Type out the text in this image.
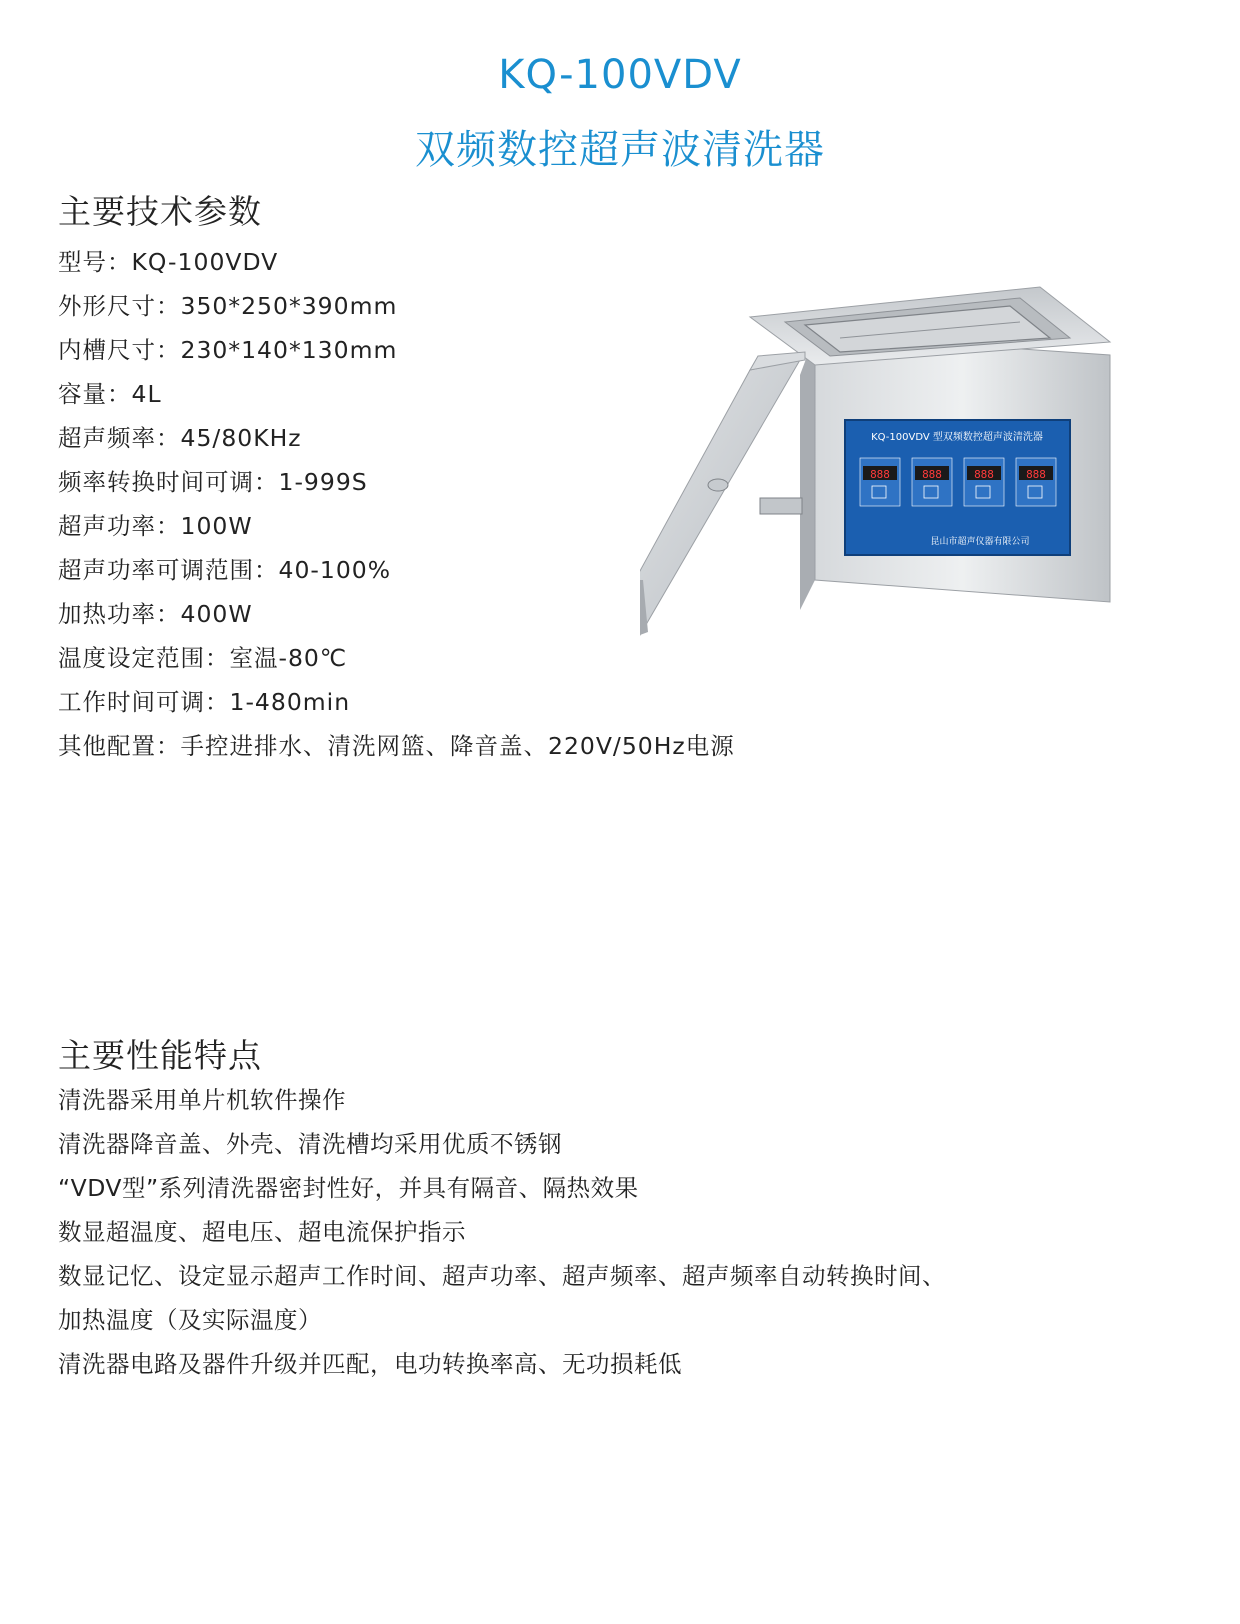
KQ-100VDV
双频数控超声波清洗器
主要技术参数
型号：KQ-100VDV
外形尺寸：350*250*390mm
内槽尺寸：230*140*130mm
容量：4L
超声频率：45/80KHz
频率转换时间可调：1-999S
超声功率：100W
超声功率可调范围：40-100%
加热功率：400W
温度设定范围：室温-80℃
工作时间可调：1-480min
其他配置：手控进排水、清洗网篮、降音盖、220V/50Hz电源
KQ-100VDV 型双频数控超声波清洗器
888	888	888	888
昆山市超声仪器有限公司
主要性能特点
清洗器采用单片机软件操作
清洗器降音盖、外壳、清洗槽均采用优质不锈钢
“VDV型”系列清洗器密封性好，并具有隔音、隔热效果
数显超温度、超电压、超电流保护指示
数显记忆、设定显示超声工作时间、超声功率、超声频率、超声频率自动转换时间、
加热温度（及实际温度）
清洗器电路及器件升级并匹配，电功转换率高、无功损耗低
